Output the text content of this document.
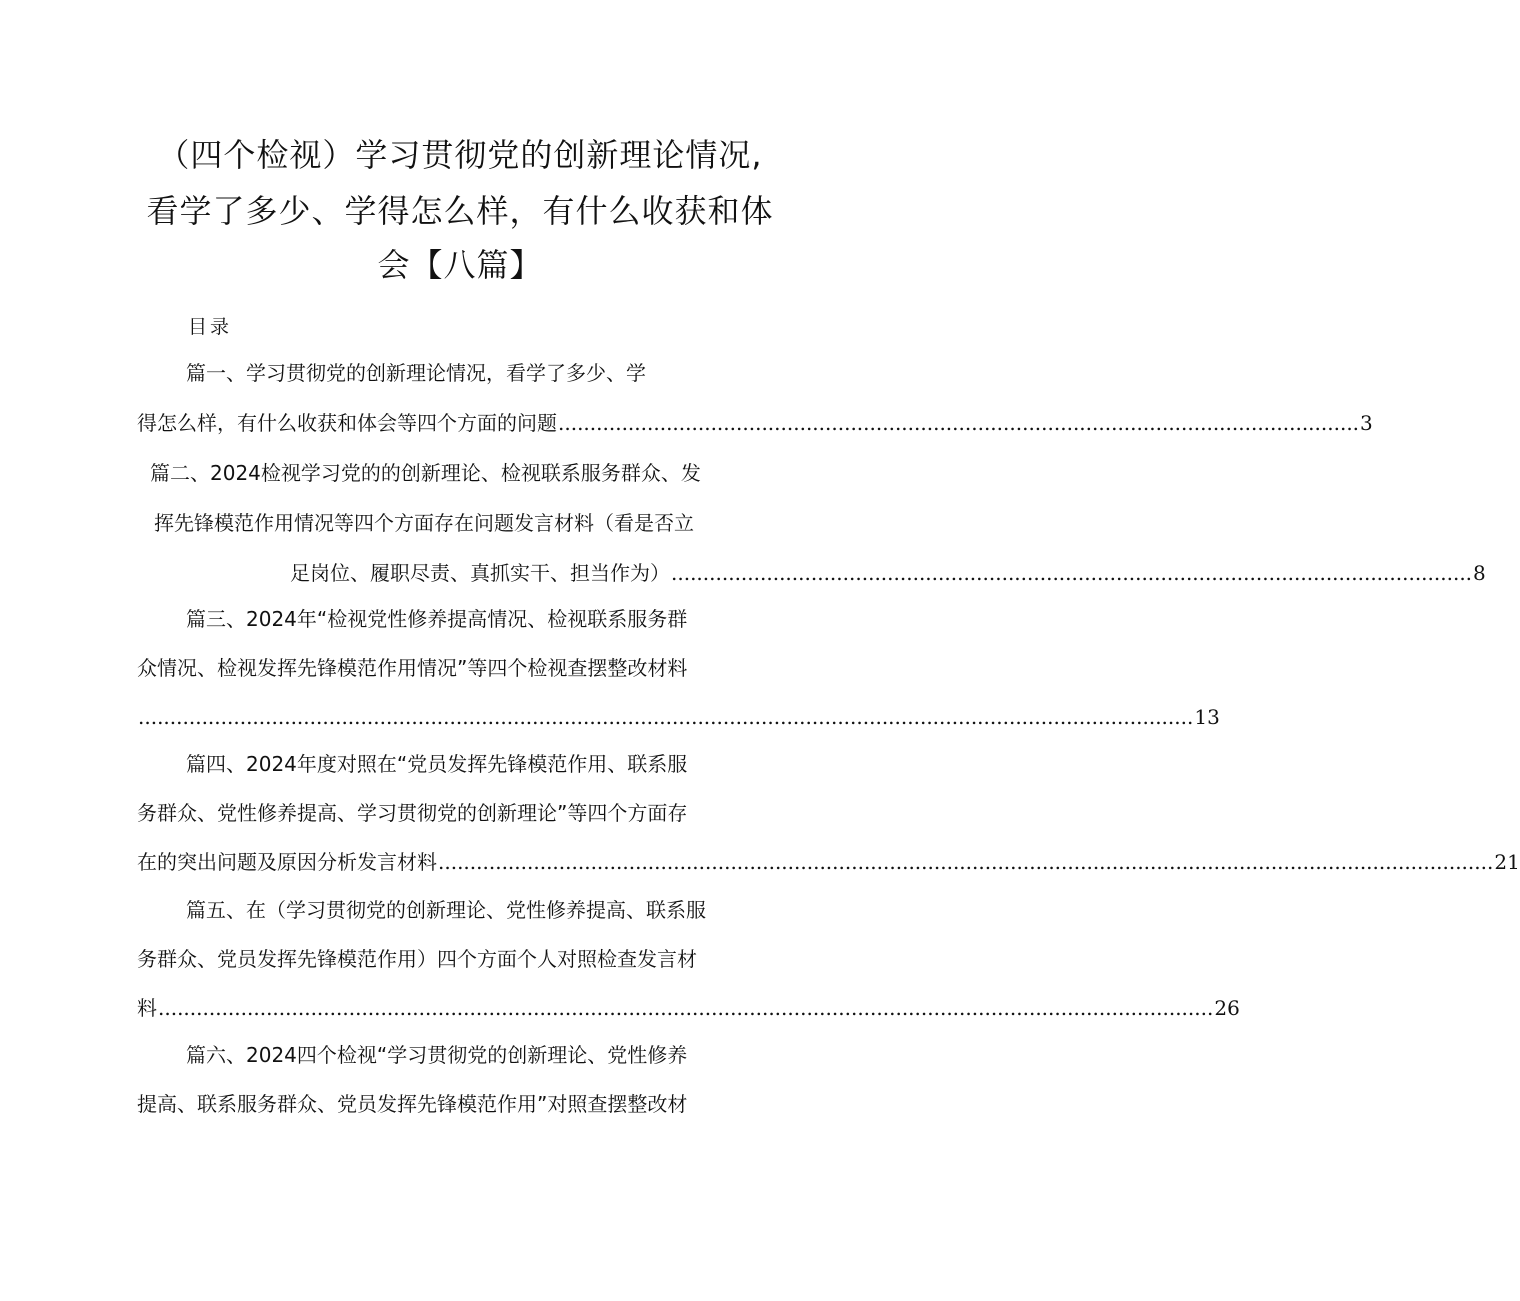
（四个检视）学习贯彻党的创新理论情况,
看学了多少、学得怎么样，有什么收获和体
会【八篇】
目录
篇一、学习贯彻党的创新理论情况，看学了多少、学
得怎么样，有什么收获和体会等四个方面的问题 .............................................................................................................................. 3
篇二、2024检视学习党的的创新理论、检视联系服务群众、发
挥先锋模范作用情况等四个方面存在问题发言材料（看是否立
足岗位、履职尽责、真抓实干、担当作为） .............................................................................................................................. 8
篇三、2024年“检视党性修养提高情况、检视联系服务群
众情况、检视发挥先锋模范作用情况”等四个检视查摆整改材料
...................................................................................................................................................................... 13
篇四、2024年度对照在“党员发挥先锋模范作用、联系服
务群众、党性修养提高、学习贯彻党的创新理论”等四个方面存
在的突出问题及原因分析发言材料 ...................................................................................................................................................................... 21
篇五、在（学习贯彻党的创新理论、党性修养提高、联系服
务群众、党员发挥先锋模范作用）四个方面个人对照检查发言材
料 ...................................................................................................................................................................... 26
篇六、2024四个检视“学习贯彻党的创新理论、党性修养
提高、联系服务群众、党员发挥先锋模范作用”对照查摆整改材
